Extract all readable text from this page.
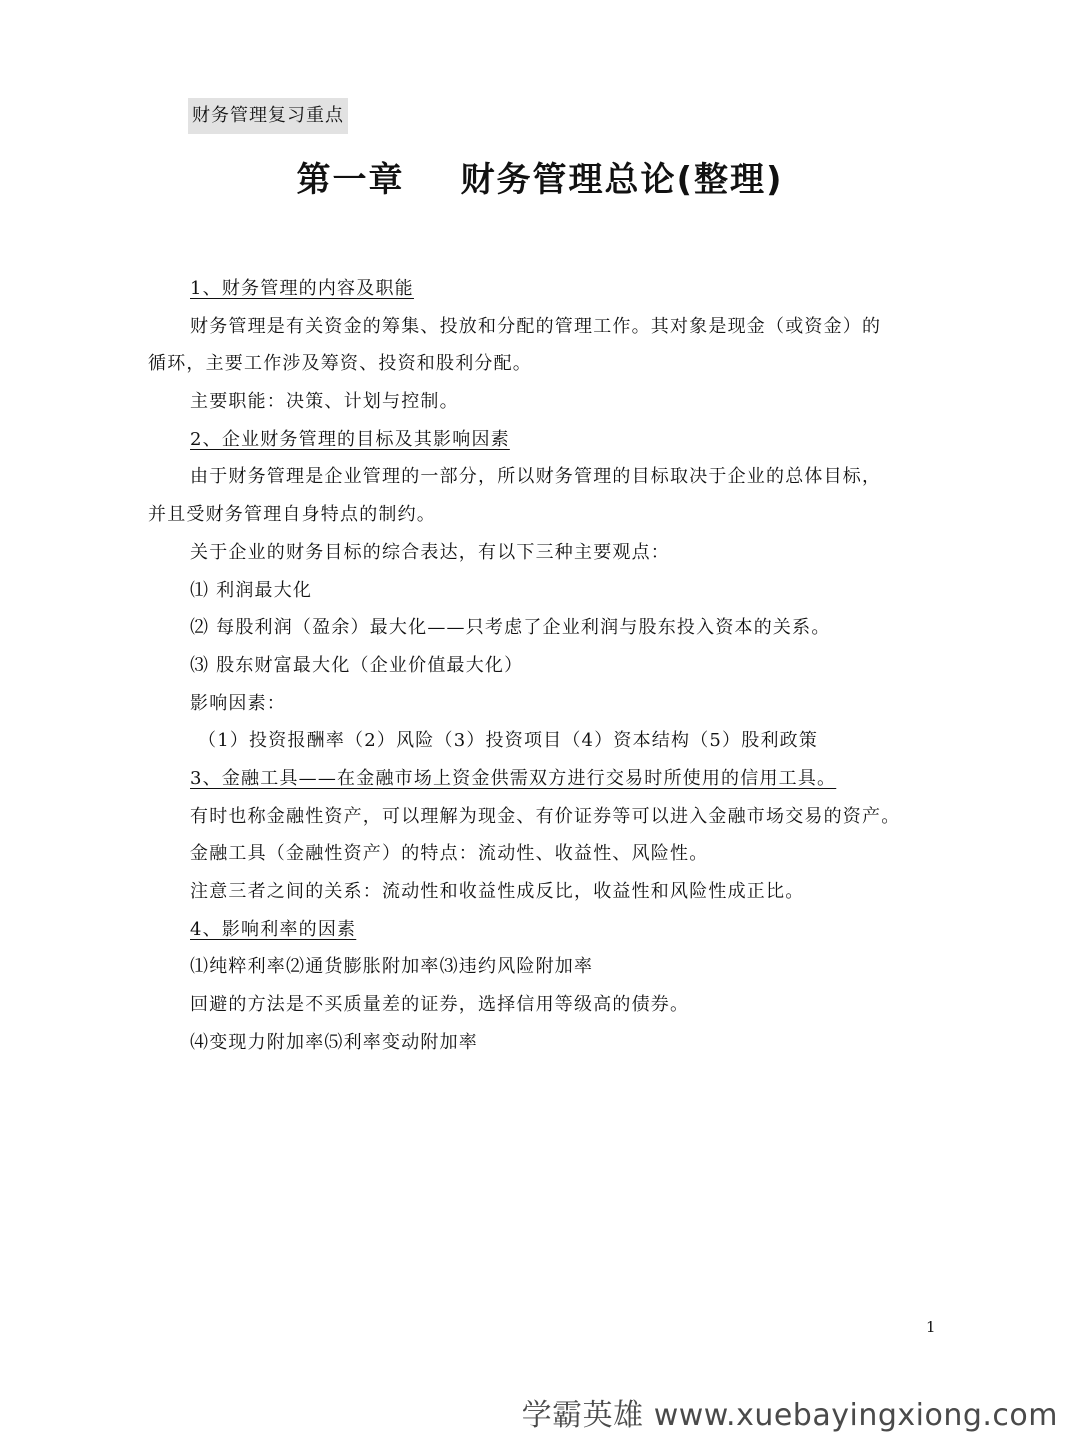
财务管理复习重点
第一章 财务管理总论(整理)
1、财务管理的内容及职能
财务管理是有关资金的筹集、投放和分配的管理工作。其对象是现金（或资金）的
循环，主要工作涉及筹资、投资和股利分配。
主要职能：决策、计划与控制。
2、企业财务管理的目标及其影响因素
由于财务管理是企业管理的一部分，所以财务管理的目标取决于企业的总体目标，
并且受财务管理自身特点的制约。
关于企业的财务目标的综合表达，有以下三种主要观点：
⑴ 利润最大化
⑵ 每股利润（盈余）最大化——只考虑了企业利润与股东投入资本的关系。
⑶ 股东财富最大化（企业价值最大化）
影响因素：
（1）投资报酬率（2）风险（3）投资项目（4）资本结构（5）股利政策
3、金融工具——在金融市场上资金供需双方进行交易时所使用的信用工具。
有时也称金融性资产，可以理解为现金、有价证券等可以进入金融市场交易的资产。
金融工具（金融性资产）的特点：流动性、收益性、风险性。
注意三者之间的关系：流动性和收益性成反比，收益性和风险性成正比。
4、影响利率的因素
⑴纯粹利率⑵通货膨胀附加率⑶违约风险附加率
回避的方法是不买质量差的证券，选择信用等级高的债券。
⑷变现力附加率⑸利率变动附加率
1
学霸英雄 www.xuebayingxiong.com
